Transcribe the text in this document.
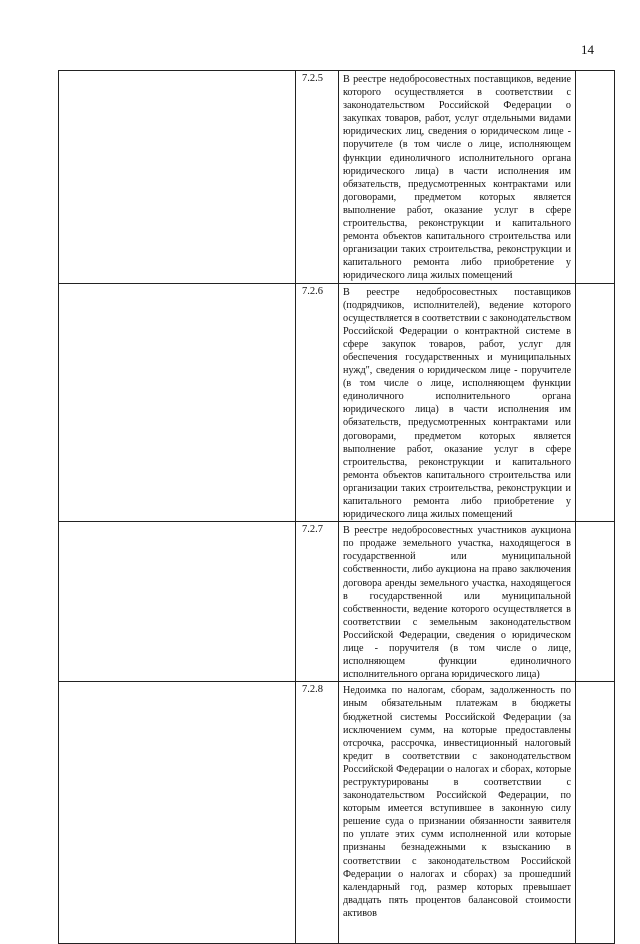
14
	7.2.5	В реестре недобросовестных поставщиков, ведение которого осуществляется в соответствии с законодательством Российской Федерации о закупках товаров, работ, услуг отдельными видами юридических лиц, сведения о юридическом лице - поручителе (в том числе о лице, исполняющем функции единоличного исполнительного органа юридического лица) в части исполнения им обязательств, предусмотренных контрактами или договорами, предметом которых является выполнение работ, оказание услуг в сфере строительства, реконструкции и капитального ремонта объектов капитального строительства или организации таких строительства, реконструкции и капитального ремонта либо приобретение у юридического лица жилых помещений	
	7.2.6	В реестре недобросовестных поставщиков (подрядчиков, исполнителей), ведение которого осуществляется в соответствии с законодательством Российской Федерации о контрактной системе в сфере закупок товаров, работ, услуг для обеспечения государственных и муниципальных нужд", сведения о юридическом лице - поручителе (в том числе о лице, исполняющем функции единоличного исполнительного органа юридического лица) в части исполнения им обязательств, предусмотренных контрактами или договорами, предметом которых является выполнение работ, оказание услуг в сфере строительства, реконструкции и капитального ремонта объектов капитального строительства или организации таких строительства, реконструкции и капитального ремонта либо приобретение у юридического лица жилых помещений	
	7.2.7	В реестре недобросовестных участников аукциона по продаже земельного участка, находящегося в государственной или муниципальной собственности, либо аукциона на право заключения договора аренды земельного участка, находящегося в государственной или муниципальной собственности, ведение которого осуществляется в соответствии с земельным законодательством Российской Федерации, сведения о юридическом лице - поручителя (в том числе о лице, исполняющем функции единоличного исполнительного органа юридического лица)	
	7.2.8	Недоимка по налогам, сборам, задолженность по иным обязательным платежам в бюджеты бюджетной системы Российской Федерации (за исключением сумм, на которые предоставлены отсрочка, рассрочка, инвестиционный налоговый кредит в соответствии с законодательством Российской Федерации о налогах и сборах, которые реструктурированы в соответствии с законодательством Российской Федерации, по которым имеется вступившее в законную силу решение суда о признании обязанности заявителя по уплате этих сумм исполненной или которые признаны безнадежными к взысканию в соответствии с законодательством Российской Федерации о налогах и сборах) за прошедший календарный год, размер которых превышает двадцать пять процентов балансовой стоимости активов	
